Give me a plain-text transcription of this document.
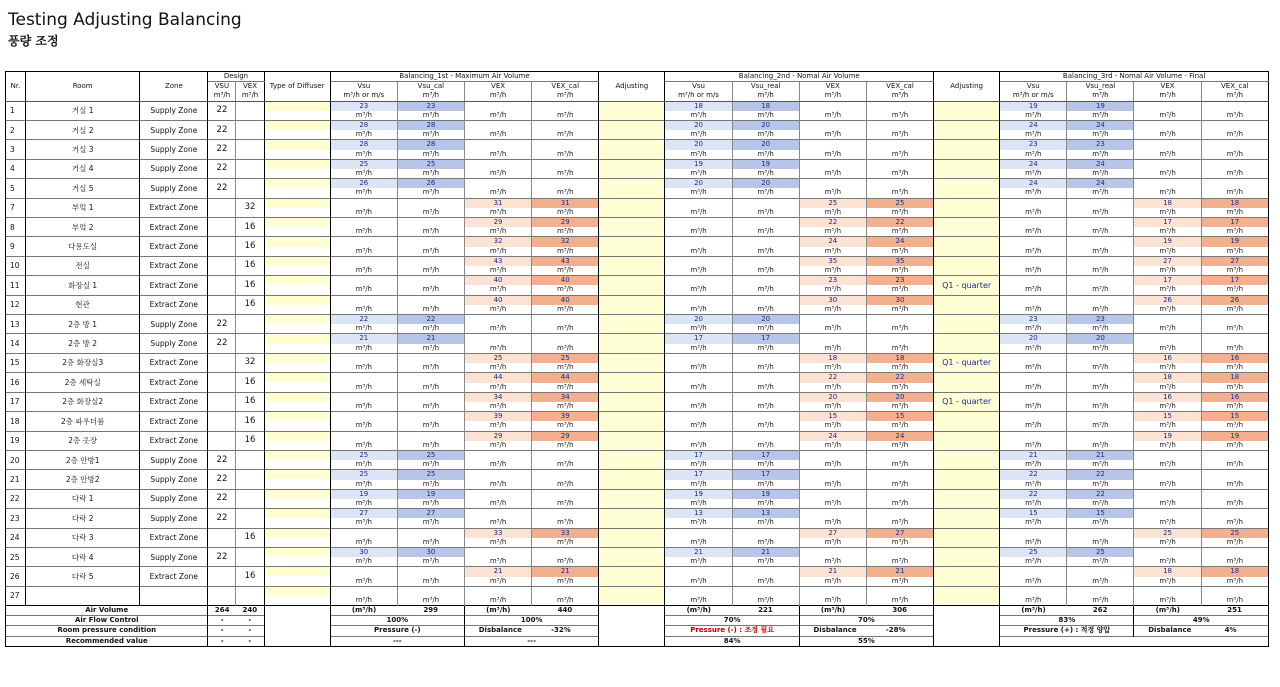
Testing Adjusting Balancing
풍량 조정
Nr.	Room	Zone	Design		Type of Diffuser	Balancing_1st - Maximum Air Volume				Adjusting	Balancing_2nd - Nomal Air Volume				Adjusting	Balancing_3rd - Nomal Air Volume - Final			
			VSU	VEX		Vsu	Vsu_cal	VEX	VEX_cal		Vsu	Vsu_real	VEX	VEX_cal		Vsu	Vsu_real	VEX	VEX_cal
			m³/h	m³/h		m³/h or m/s	m³/h	m³/h	m³/h		m³/h or m/s	m³/h	m³/h	m³/h		m³/h or m/s	m³/h	m³/h	m³/h
1	거실 1	Supply Zone	22			23	23				18	18				19	19		
						m³/h	m³/h	m³/h	m³/h		m³/h	m³/h	m³/h	m³/h		m³/h	m³/h	m³/h	m³/h
2	거실 2	Supply Zone	22			28	28				20	20				24	24		
						m³/h	m³/h	m³/h	m³/h		m³/h	m³/h	m³/h	m³/h		m³/h	m³/h	m³/h	m³/h
3	거실 3	Supply Zone	22			28	28				20	20				23	23		
						m³/h	m³/h	m³/h	m³/h		m³/h	m³/h	m³/h	m³/h		m³/h	m³/h	m³/h	m³/h
4	거실 4	Supply Zone	22			25	25				19	19				24	24		
						m³/h	m³/h	m³/h	m³/h		m³/h	m³/h	m³/h	m³/h		m³/h	m³/h	m³/h	m³/h
5	거실 5	Supply Zone	22			26	26				20	20				24	24		
						m³/h	m³/h	m³/h	m³/h		m³/h	m³/h	m³/h	m³/h		m³/h	m³/h	m³/h	m³/h
7	부엌 1	Extract Zone		32				31	31				25	25				18	18
						m³/h	m³/h	m³/h	m³/h		m³/h	m³/h	m³/h	m³/h		m³/h	m³/h	m³/h	m³/h
8	부엌 2	Extract Zone		16				29	29				22	22				17	17
						m³/h	m³/h	m³/h	m³/h		m³/h	m³/h	m³/h	m³/h		m³/h	m³/h	m³/h	m³/h
9	다용도실	Extract Zone		16				32	32				24	24				19	19
						m³/h	m³/h	m³/h	m³/h		m³/h	m³/h	m³/h	m³/h		m³/h	m³/h	m³/h	m³/h
10	전실	Extract Zone		16				43	43				35	35				27	27
						m³/h	m³/h	m³/h	m³/h		m³/h	m³/h	m³/h	m³/h		m³/h	m³/h	m³/h	m³/h
11	화장실 1	Extract Zone		16				40	40				23	23	Q1 - quarter			17	17
						m³/h	m³/h	m³/h	m³/h		m³/h	m³/h	m³/h	m³/h		m³/h	m³/h	m³/h	m³/h
12	현관	Extract Zone		16				40	40				30	30				26	26
						m³/h	m³/h	m³/h	m³/h		m³/h	m³/h	m³/h	m³/h		m³/h	m³/h	m³/h	m³/h
13	2층 방 1	Supply Zone	22			22	22				20	20				23	23		
						m³/h	m³/h	m³/h	m³/h		m³/h	m³/h	m³/h	m³/h		m³/h	m³/h	m³/h	m³/h
14	2층 방 2	Supply Zone	22			21	21				17	17				20	20		
						m³/h	m³/h	m³/h	m³/h		m³/h	m³/h	m³/h	m³/h		m³/h	m³/h	m³/h	m³/h
15	2층 화장실3	Extract Zone		32				25	25				18	18	Q1 - quarter			16	16
						m³/h	m³/h	m³/h	m³/h		m³/h	m³/h	m³/h	m³/h		m³/h	m³/h	m³/h	m³/h
16	2층 세탁실	Extract Zone		16				44	44				22	22				18	18
						m³/h	m³/h	m³/h	m³/h		m³/h	m³/h	m³/h	m³/h		m³/h	m³/h	m³/h	m³/h
17	2층 화장실2	Extract Zone		16				34	34				20	20	Q1 - quarter			16	16
						m³/h	m³/h	m³/h	m³/h		m³/h	m³/h	m³/h	m³/h		m³/h	m³/h	m³/h	m³/h
18	2층 파우더룸	Extract Zone		16				39	39				15	15				15	15
						m³/h	m³/h	m³/h	m³/h		m³/h	m³/h	m³/h	m³/h		m³/h	m³/h	m³/h	m³/h
19	2층 옷장	Extract Zone		16				29	29				24	24				19	19
						m³/h	m³/h	m³/h	m³/h		m³/h	m³/h	m³/h	m³/h		m³/h	m³/h	m³/h	m³/h
20	2층 안방1	Supply Zone	22			25	25				17	17				21	21		
						m³/h	m³/h	m³/h	m³/h		m³/h	m³/h	m³/h	m³/h		m³/h	m³/h	m³/h	m³/h
21	2층 안방2	Supply Zone	22			25	25				17	17				22	22		
						m³/h	m³/h	m³/h	m³/h		m³/h	m³/h	m³/h	m³/h		m³/h	m³/h	m³/h	m³/h
22	다락 1	Supply Zone	22			19	19				19	19				22	22		
						m³/h	m³/h	m³/h	m³/h		m³/h	m³/h	m³/h	m³/h		m³/h	m³/h	m³/h	m³/h
23	다락 2	Supply Zone	22			27	27				13	13				15	15		
						m³/h	m³/h	m³/h	m³/h		m³/h	m³/h	m³/h	m³/h		m³/h	m³/h	m³/h	m³/h
24	다락 3	Extract Zone		16				33	33				27	27				25	25
						m³/h	m³/h	m³/h	m³/h		m³/h	m³/h	m³/h	m³/h		m³/h	m³/h	m³/h	m³/h
25	다락 4	Supply Zone	22			30	30				21	21				25	25		
						m³/h	m³/h	m³/h	m³/h		m³/h	m³/h	m³/h	m³/h		m³/h	m³/h	m³/h	m³/h
26	다락 5	Extract Zone		16				21	21				21	21				18	18
						m³/h	m³/h	m³/h	m³/h		m³/h	m³/h	m³/h	m³/h		m³/h	m³/h	m³/h	m³/h
27					

						m³/h	m³/h	m³/h	m³/h		m³/h	m³/h	m³/h	m³/h		m³/h	m³/h	m³/h	m³/h
Air Volume			264	240		(m³/h)	299	(m³/h)	440		(m³/h)	221	(m³/h)	306		(m³/h)	262	(m³/h)	251
Air Flow Control			-	-		100%		100%			70%		70%			83%		49%	
Room pressure condition			-	-		Pressure (-)		Disbalance	-32%		Pressure (-) : 조정 필요		Disbalance	-28%		Pressure (+) : 적정 양압		Disbalance	4%
Recommended value			-	-		---		---			84%		55%						
